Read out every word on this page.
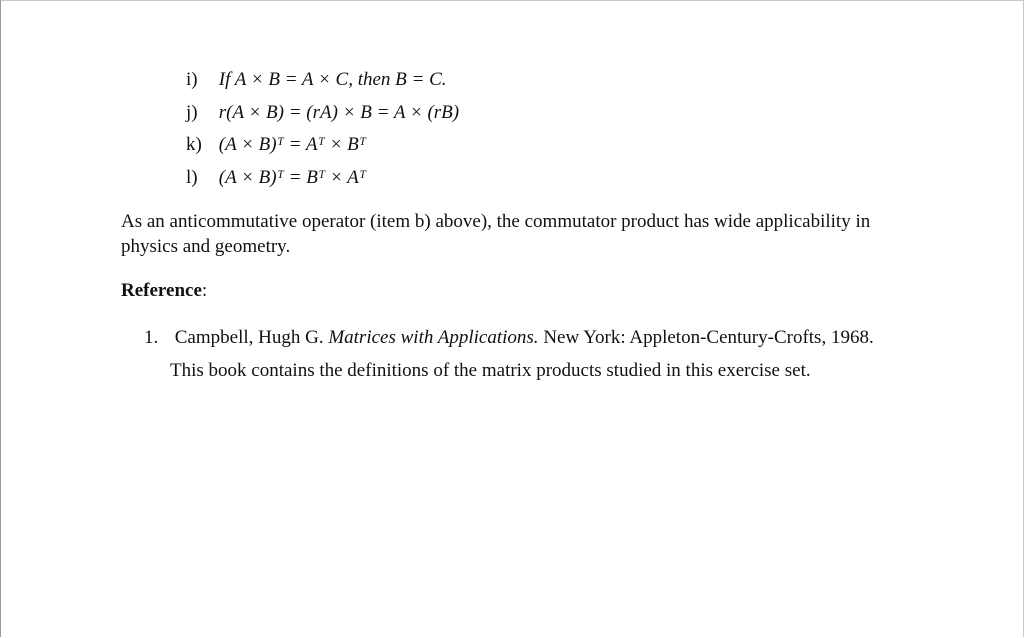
i) If A × B = A × C, then B = C.
j) r(A × B) = (rA) × B = A × (rB)
k) (A × B)ᵀ = Aᵀ × Bᵀ
l) (A × B)ᵀ = Bᵀ × Aᵀ

As an anticommutative operator (item b) above), the commutator product has wide applicability in physics and geometry.

Reference:

1. Campbell, Hugh G. Matrices with Applications. New York: Appleton-Century-Crofts, 1968.
This book contains the definitions of the matrix products studied in this exercise set.
